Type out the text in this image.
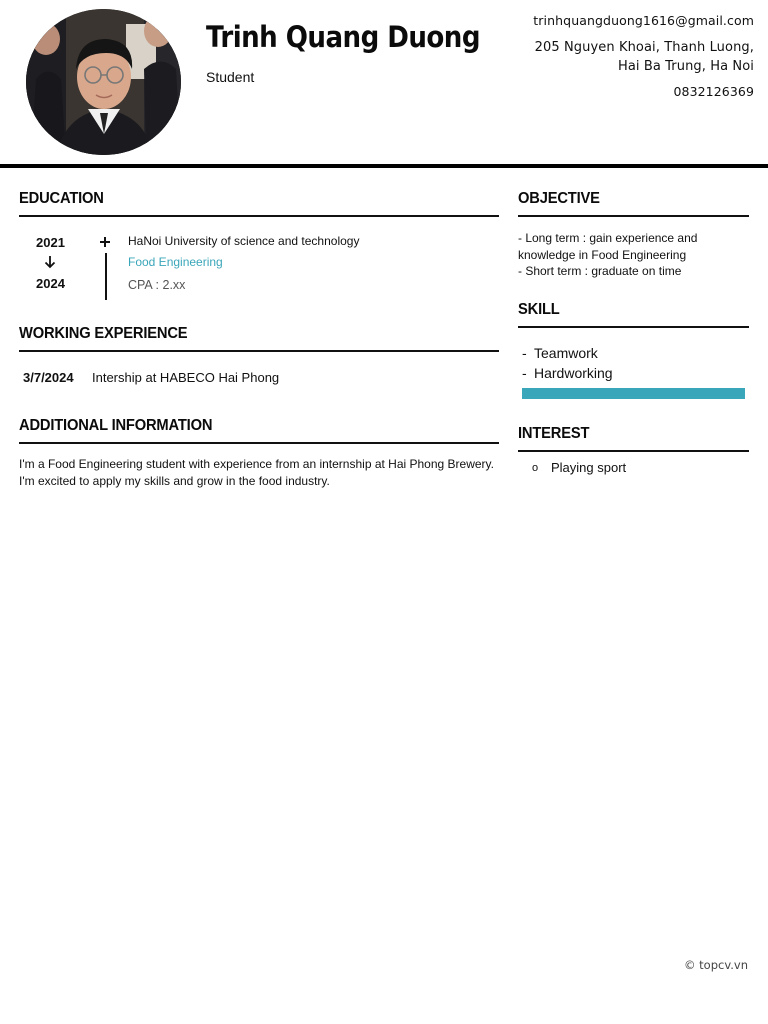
Trinh Quang Duong
Student
trinhquangduong1616@gmail.com
205 Nguyen Khoai, Thanh Luong,
Hai Ba Trung, Ha Noi
0832126369
EDUCATION
2021
2024
HaNoi University of science and technology
Food Engineering
CPA : 2.xx
WORKING EXPERIENCE
3/7/2024 Intership at HABECO Hai Phong
ADDITIONAL INFORMATION
I'm a Food Engineering student with experience from an internship at Hai Phong Brewery. I'm excited to apply my skills and grow in the food industry.
OBJECTIVE
- Long term : gain experience and knowledge in Food Engineering
- Short term : graduate on time
SKILL
- Teamwork
- Hardworking
INTEREST
o Playing sport
© topcv.vn
